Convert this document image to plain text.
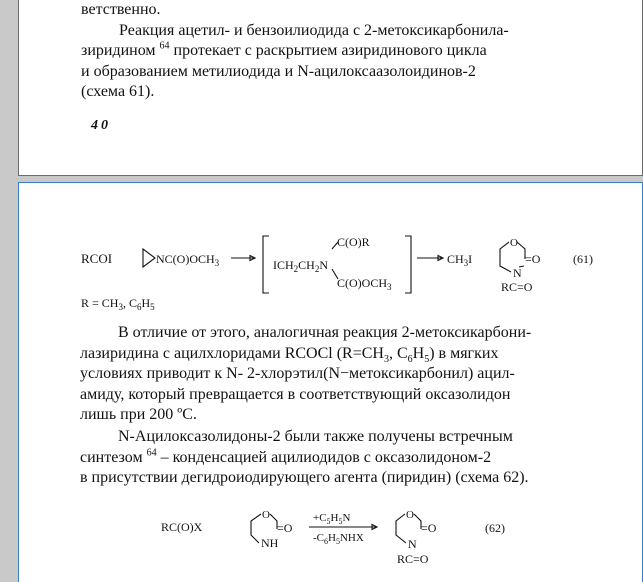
ветственно.
Реакция ацетил- и бензоилиодида с 2-метоксикарбонила-
зиридином $^{64}$ протекает с раскрытием азиридинового цикла
и образованием метилиодида и N-ацилоксаазолоидинов-2
(схема 61).

40
RCOI	$NC(O)OCH_3$
C(O)R
$ICH_2CH_2N$
$C(O)OCH_3$
$CH_3I$
O
=O
N
RC=O
(61)
$R = CH_3$, $C_6H_5$

В отличие от этого, аналогичная реакция 2-метоксикарбони-
лазиридина с ацилхлоридами RCOCl ($R=CH_3$, $C_6H_5$) в мягких
условиях приводит к N- 2-хлорэтил(N−метоксикарбонил) ацил-
амиду, который превращается в соответствующий оксазолидон
лишь при 200 ºС.

N-Ацилоксазолидоны-2 были также получены встречным
синтезом $^{64}$ – конденсацией ацилиодидов с оксазолидоном-2
в присутствии дегидроиодирующего агента (пиридин) (схема 62).

RC(O)X
O
=O
NH
$+C_5H_5N$
$-C_6H_5NHX$
O
=O
N
RC=O
(62)
